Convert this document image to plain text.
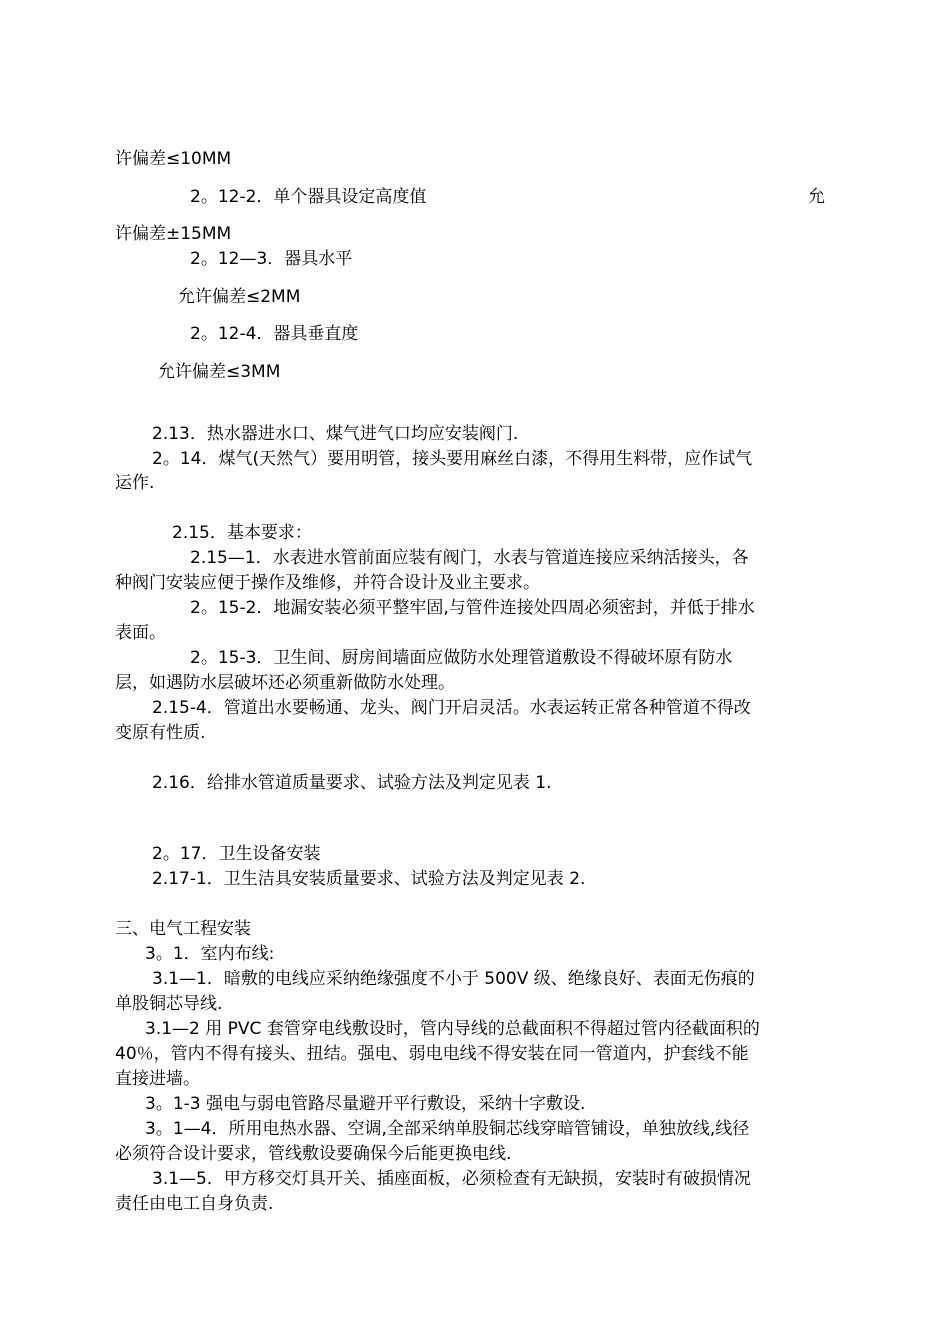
许偏差≤10MM

2。12-2．单个器具设定高度值	允

许偏差±15MM

2。12—3．器具水平

允许偏差≤2MM

2。12-4．器具垂直度

允许偏差≤3MM

2.13．热水器进水口、煤气进气口均应安装阀门.

2。14．煤气(天然气）要用明管，接头要用麻丝白漆，不得用生料带，应作试气

运作.

2.15．基本要求：

2.15—1．水表进水管前面应装有阀门，水表与管道连接应采纳活接头，各

种阀门安装应便于操作及维修，并符合设计及业主要求。

2。15-2．地漏安装必须平整牢固,与管件连接处四周必须密封，并低于排水

表面。

2。15-3．卫生间、厨房间墙面应做防水处理管道敷设不得破坏原有防水

层，如遇防水层破坏还必须重新做防水处理。

2.15-4．管道出水要畅通、龙头、阀门开启灵活。水表运转正常各种管道不得改

变原有性质.

2.16．给排水管道质量要求、试验方法及判定见表 1.

2。17．卫生设备安装

2.17-1．卫生洁具安装质量要求、试验方法及判定见表 2.

三、电气工程安装

3。1．室内布线:

3.1—1．暗敷的电线应采纳绝缘强度不小于 500V 级、绝缘良好、表面无伤痕的

单股铜芯导线.

3.1—2 用 PVC 套管穿电线敷设时，管内导线的总截面积不得超过管内径截面积的

40％，管内不得有接头、扭结。强电、弱电电线不得安装在同一管道内，护套线不能

直接进墙。

3。1-3 强电与弱电管路尽量避开平行敷设，采纳十字敷设.

3。1—4．所用电热水器、空调,全部采纳单股铜芯线穿暗管铺设，单独放线,线径

必须符合设计要求，管线敷设要确保今后能更换电线.

3.1—5．甲方移交灯具开关、插座面板，必须检查有无缺损，安装时有破损情况

责任由电工自身负责.
